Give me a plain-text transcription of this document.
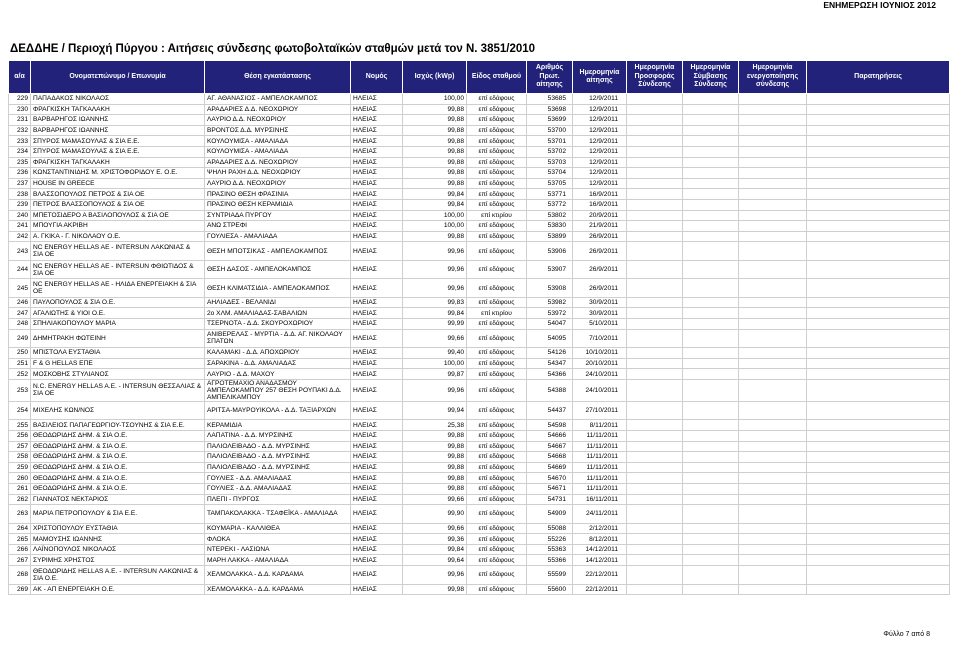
ΕΝΗΜΕΡΩΣΗ ΙΟΥΝΙΟΣ 2012
ΔΕΔΔΗΕ / Περιοχή Πύργου : Αιτήσεις σύνδεσης φωτοβολταϊκών σταθμών μετά τον Ν. 3851/2010
α/α	Ονοματεπώνυμο / Επωνυμία	Θέση εγκατάστασης	Νομός	Ισχύς (kWp)	Είδος σταθμού	Αριθμός Πρωτ. αίτησης	Ημερομηνία αίτησης	Ημερομηνία Προσφοράς Σύνδεσης	Ημερομηνία Σύμβασης Σύνδεσης	Ημερομηνία ενεργοποίησης σύνδεσης	Παρατηρήσεις
229	ΠΑΠΑΔΑΚΟΣ ΝΙΚΟΛΑΟΣ	ΑΓ. ΑΘΑΝΑΣΙΟΣ - ΑΜΠΕΛΟΚΑΜΠΟΣ	ΗΛΕΙΑΣ	100,00	επί εδάφους	53685	12/9/2011				
230	ΦΡΑΓΚΙΣΚΗ ΤΑΓΚΑΛΑΚΗ	ΑΡΑΔΑΡΙΕΣ Δ.Δ. ΝΕΟΧΩΡΙΟΥ	ΗΛΕΙΑΣ	99,88	επί εδάφους	53698	12/9/2011				
231	ΒΑΡΒΑΡΗΓΟΣ ΙΩΑΝΝΗΣ	ΛΑΥΡΙΟ Δ.Δ. ΝΕΟΧΩΡΙΟΥ	ΗΛΕΙΑΣ	99,88	επί εδάφους	53699	12/9/2011				
232	ΒΑΡΒΑΡΗΓΟΣ ΙΩΑΝΝΗΣ	ΒΡΟΝΤΟΣ Δ.Δ. ΜΥΡΣΙΝΗΣ	ΗΛΕΙΑΣ	99,88	επί εδάφους	53700	12/9/2011				
233	ΣΠΥΡΟΣ ΜΑΜΑΣΟΥΛΑΣ & ΣΙΑ Ε.Ε.	ΚΟΥΛΟΥΜΙΣΑ - ΑΜΑΛΙΑΔΑ	ΗΛΕΙΑΣ	99,88	επί εδάφους	53701	12/9/2011				
234	ΣΠΥΡΟΣ ΜΑΜΑΣΟΥΛΑΣ & ΣΙΑ Ε.Ε.	ΚΟΥΛΟΥΜΙΣΑ - ΑΜΑΛΙΑΔΑ	ΗΛΕΙΑΣ	99,88	επί εδάφους	53702	12/9/2011				
235	ΦΡΑΓΚΙΣΚΗ ΤΑΓΚΑΛΑΚΗ	ΑΡΑΔΑΡΙΕΣ Δ.Δ. ΝΕΟΧΩΡΙΟΥ	ΗΛΕΙΑΣ	99,88	επί εδάφους	53703	12/9/2011				
236	ΚΩΝΣΤΑΝΤΙΝΙΔΗΣ Μ. ΧΡΙΣΤΟΦΟΡΙΔΟΥ Ε. Ο.Ε.	ΨΗΛΗ ΡΑΧΗ Δ.Δ. ΝΕΟΧΩΡΙΟΥ	ΗΛΕΙΑΣ	99,88	επί εδάφους	53704	12/9/2011				
237	HOUSE IN GREECE	ΛΑΥΡΙΟ Δ.Δ. ΝΕΟΧΩΡΙΟΥ	ΗΛΕΙΑΣ	99,88	επί εδάφους	53705	12/9/2011				
238	ΒΛΑΣΣΟΠΟΥΛΟΣ ΠΕΤΡΟΣ & ΣΙΑ ΟΕ	ΠΡΑΣΙΝΟ ΘΕΣΗ ΦΡΑΣΙΝΙΑ	ΗΛΕΙΑΣ	99,84	επί εδάφους	53771	16/9/2011				
239	ΠΕΤΡΟΣ ΒΛΑΣΣΟΠΟΥΛΟΣ & ΣΙΑ ΟΕ	ΠΡΑΣΙΝΟ ΘΕΣΗ ΚΕΡΑΜΙΔΙΑ	ΗΛΕΙΑΣ	99,84	επί εδάφους	53772	16/9/2011				
240	ΜΠΕΤΟΣΙΔΕΡΟ Α ΒΑΣΙΛΟΠΟΥΛΟΣ & ΣΙΑ ΟΕ	ΣΥΝΤΡΙΑΔΑ ΠΥΡΓΟΥ	ΗΛΕΙΑΣ	100,00	επί κτιρίου	53802	20/9/2011				
241	ΜΠΟΥΓΙΑ ΑΚΡΙΒΗ	ΑΝΩ ΣΤΡΕΦΙ	ΗΛΕΙΑΣ	100,00	επί εδάφους	53830	21/9/2011				
242	Α. ΓΚΙΚΑ - Γ. ΝΙΚΟΛΑΟΥ Ο.Ε.	ΓΟΥΛΙΕΣΑ - ΑΜΑΛΙΑΔΑ	ΗΛΕΙΑΣ	99,88	επί εδάφους	53899	26/9/2011				
243	NC ENERGY HELLAS AE - INTERSUN ΛΑΚΩΝΙΑΣ & ΣΙΑ ΟΕ	ΘΕΣΗ ΜΠΟΤΣΙΚΑΣ - ΑΜΠΕΛΟΚΑΜΠΟΣ	ΗΛΕΙΑΣ	99,96	επί εδάφους	53906	26/9/2011				
244	NC ENERGY HELLAS AE - INTERSUN ΦΘΙΩΤΙΔΟΣ & ΣΙΑ ΟΕ	ΘΕΣΗ ΔΑΣΟΣ - ΑΜΠΕΛΟΚΑΜΠΟΣ	ΗΛΕΙΑΣ	99,96	επί εδάφους	53907	26/9/2011				
245	NC ENERGY HELLAS AE - ΗΛΙΔΑ ΕΝΕΡΓΕΙΑΚΗ & ΣΙΑ ΟΕ	ΘΕΣΗ ΚΛΙΜΑΤΣΙΔΙΑ - ΑΜΠΕΛΟΚΑΜΠΟΣ	ΗΛΕΙΑΣ	99,96	επί εδάφους	53908	26/9/2011				
246	ΠΑΥΛΟΠΟΥΛΟΣ & ΣΙΑ Ο.Ε.	ΑΗΛΙΑΔΕΣ - ΒΕΛΑΝΙΔΙ	ΗΛΕΙΑΣ	99,83	επί εδάφους	53982	30/9/2011				
247	ΑΓΑΛΙΩΤΗΣ & ΥΙΟΙ Ο.Ε.	2ο ΧΛΜ. ΑΜΑΛΙΑΔΑΣ-ΣΑΒΑΛΙΩΝ	ΗΛΕΙΑΣ	99,84	επί κτιρίου	53972	30/9/2011				
248	ΣΠΗΛΙΑΚΟΠΟΥΛΟΥ ΜΑΡΙΑ	ΤΣΕΡΝΟΤΑ - Δ.Δ. ΣΚΟΥΡΟΧΩΡΙΟΥ	ΗΛΕΙΑΣ	99,99	επί εδάφους	54047	5/10/2011				
249	ΔΗΜΗΤΡΑΚΗ ΦΩΤΕΙΝΗ	ΑΝΙΒΕΡΕΛΑΣ - ΜΥΡΤΙΑ - Δ.Δ. ΑΓ. ΝΙΚΟΛΑΟΥ ΣΠΑΤΩΝ	ΗΛΕΙΑΣ	99,66	επί εδάφους	54095	7/10/2011				
250	ΜΠΙΣΤΟΛΑ ΕΥΣΤΑΘΙΑ	ΚΑΛΑΜΑΚΙ - Δ.Δ. ΑΠΟΧΩΡΙΟΥ	ΗΛΕΙΑΣ	99,40	επί εδάφους	54126	10/10/2011				
251	F & G HELLAS ΕΠΕ	ΣΑΡΑΚΙΝΑ - Δ.Δ. ΑΜΑΛΙΑΔΑΣ	ΗΛΕΙΑΣ	100,00	επί εδάφους	54347	20/10/2011				
252	ΜΟΣΚΟΒΗΣ ΣΤΥΛΙΑΝΟΣ	ΛΑΥΡΙΟ - Δ.Δ. ΜΑΧΟΥ	ΗΛΕΙΑΣ	99,87	επί εδάφους	54366	24/10/2011				
253	N.C. ENERGY HELLAS A.E. - INTERSUN ΘΕΣΣΑΛΙΑΣ & ΣΙΑ ΟΕ	ΑΓΡΟΤΕΜΑΧΙΟ ΑΝΑΔΑΣΜΟΥ ΑΜΠΕΛΟΚΑΜΠΟΥ 257 ΘΕΣΗ ΡΟΥΠΑΚΙ Δ.Δ. ΑΜΠΕΛΙΚΑΜΠΟΥ	ΗΛΕΙΑΣ	99,96	επί εδάφους	54388	24/10/2011				
254	ΜΙΧΕΛΗΣ ΚΩΝ/ΝΟΣ	ΑΡΙΤΣΑ-ΜΑΥΡΟΥΙΚΟΛΑ - Δ.Δ. ΤΑΞΙΑΡΧΩΝ	ΗΛΕΙΑΣ	99,94	επί εδάφους	54437	27/10/2011				
255	ΒΑΣΙΛΕΙΟΣ ΠΑΠΑΓΕΩΡΓΙΟΥ-ΤΣΟΥΝΗΣ & ΣΙΑ Ε.Ε.	ΚΕΡΑΜΙΔΙΑ	ΗΛΕΙΑΣ	25,38	επί εδάφους	54598	8/11/2011				
256	ΘΕΟΔΩΡΙΔΗΣ ΔΗΜ. & ΣΙΑ Ο.Ε.	ΛΑΠΑΤΙΝΑ - Δ.Δ. ΜΥΡΣΙΝΗΣ	ΗΛΕΙΑΣ	99,88	επί εδάφους	54666	11/11/2011				
257	ΘΕΟΔΩΡΙΔΗΣ ΔΗΜ. & ΣΙΑ Ο.Ε.	ΠΑΛΙΟΛΕΙΒΑΔΟ - Δ.Δ. ΜΥΡΣΙΝΗΣ	ΗΛΕΙΑΣ	99,88	επί εδάφους	54667	11/11/2011				
258	ΘΕΟΔΩΡΙΔΗΣ ΔΗΜ. & ΣΙΑ Ο.Ε.	ΠΑΛΙΟΛΕΙΒΑΔΟ - Δ.Δ. ΜΥΡΣΙΝΗΣ	ΗΛΕΙΑΣ	99,88	επί εδάφους	54668	11/11/2011				
259	ΘΕΟΔΩΡΙΔΗΣ ΔΗΜ. & ΣΙΑ Ο.Ε.	ΠΑΛΙΟΛΕΙΒΑΔΟ - Δ.Δ. ΜΥΡΣΙΝΗΣ	ΗΛΕΙΑΣ	99,88	επί εδάφους	54669	11/11/2011				
260	ΘΕΟΔΩΡΙΔΗΣ ΔΗΜ. & ΣΙΑ Ο.Ε.	ΓΟΥΛΙΕΣ - Δ.Δ. ΑΜΑΛΙΑΔΑΣ	ΗΛΕΙΑΣ	99,88	επί εδάφους	54670	11/11/2011				
261	ΘΕΟΔΩΡΙΔΗΣ ΔΗΜ. & ΣΙΑ Ο.Ε.	ΓΟΥΛΙΕΣ - Δ.Δ. ΑΜΑΛΙΑΔΑΣ	ΗΛΕΙΑΣ	99,88	επί εδάφους	54671	11/11/2011				
262	ΓΙΑΝΝΑΤΟΣ ΝΕΚΤΑΡΙΟΣ	ΠΛΕΠΙ - ΠΥΡΓΟΣ	ΗΛΕΙΑΣ	99,66	επί εδάφους	54731	16/11/2011				
263	ΜΑΡΙΑ ΠΕΤΡΟΠΟΥΛΟΥ & ΣΙΑ Ε.Ε.	ΤΑΜΠΑΚΟΛΑΚΚΑ - ΤΣΑΦΕΪΚΑ - ΑΜΑΛΙΑΔΑ	ΗΛΕΙΑΣ	99,90	επί εδάφους	54909	24/11/2011				
264	ΧΡΙΣΤΟΠΟΥΛΟΥ ΕΥΣΤΑΘΙΑ	ΚΟΥΜΑΡΙΑ - ΚΑΛΛΙΘΕΑ	ΗΛΕΙΑΣ	99,66	επί εδάφους	55088	2/12/2011				
265	ΜΑΜΟΥΣΗΣ ΙΩΑΝΝΗΣ	ΦΛΟΚΑ	ΗΛΕΙΑΣ	99,36	επί εδάφους	55226	8/12/2011				
266	ΛΑΪΝΟΠΟΥΛΟΣ ΝΙΚΟΛΑΟΣ	ΝΤΕΡΕΚΙ - ΛΑΣΙΩΝΑ	ΗΛΕΙΑΣ	99,84	επί εδάφους	55363	14/12/2011				
267	ΣΥΡΙΜΗΣ ΧΡΗΣΤΟΣ	ΜΑΡΗ ΛΑΚΚΑ - ΑΜΑΛΙΑΔΑ	ΗΛΕΙΑΣ	99,64	επί εδάφους	55366	14/12/2011				
268	ΘΕΟΔΩΡΙΔΗΣ HELLAS A.E. - INTERSUN ΛΑΚΩΝΙΑΣ & ΣΙΑ Ο.Ε.	ΧΕΛΜΟΛΑΚΚΑ - Δ.Δ. ΚΑΡΔΑΜΑ	ΗΛΕΙΑΣ	99,96	επί εδάφους	55599	22/12/2011				
269	ΑΚ - ΑΠ ΕΝΕΡΓΕΙΑΚΗ Ο.Ε.	ΧΕΛΜΟΛΑΚΚΑ - Δ.Δ. ΚΑΡΔΑΜΑ	ΗΛΕΙΑΣ	99,98	επί εδάφους	55600	22/12/2011				
Φύλλο 7 από 8
